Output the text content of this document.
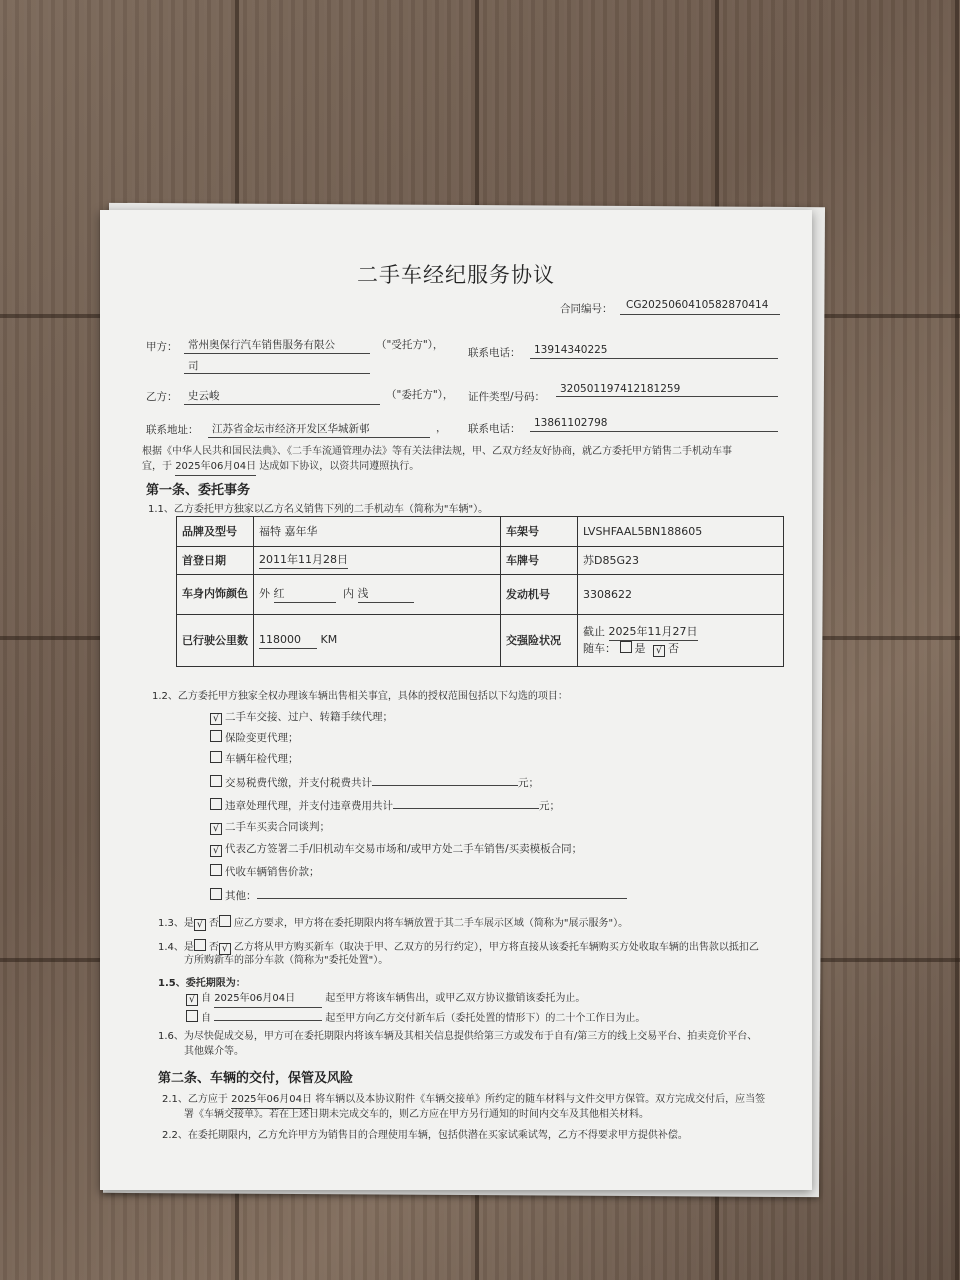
二手车经纪服务协议
合同编号： CG2025060410582870414
甲方： 常州奥保行汽车销售服务有限公
司
（"受托方"），
联系电话： 13914340225
乙方： 史云峻	（"委托方"）， 证件类型/号码：
320501197412181259
联系地址： 江苏省金坛市经济开发区华城新邨	， 联系电话： 13861102798
根据《中华人民共和国民法典》、《二手车流通管理办法》等有关法律法规，甲、乙双方经友好协商，就乙方委托甲方销售二手机动车事
宜，于 2025年06月04日 达成如下协议，以资共同遵照执行。
第一条、委托事务
1.1、乙方委托甲方独家以乙方名义销售下列的二手机动车（简称为"车辆"）。
品牌及型号	福特 嘉年华	车架号	LVSHFAAL5BN188605
首登日期	2011年11月28日	车牌号	苏D85G23
车身内饰颜色	外 红 内 浅	发动机号	3308622
已行驶公里数	118000 KM	交强险状况	截止 2025年11月27日
随车： 是 √ 否
1.2、乙方委托甲方独家全权办理该车辆出售相关事宜，具体的授权范围包括以下勾选的项目：
√ 二手车交接、过户、转籍手续代理；
保险变更代理；
车辆年检代理；
交易税费代缴，并支付税费共计	元；
违章处理代理，并支付违章费用共计	元；
√ 二手车买卖合同谈判；
√ 代表乙方签署二手/旧机动车交易市场和/或甲方处二手车销售/买卖模板合同；
代收车辆销售价款；
其他：
1.3、是 √ 否 应乙方要求，甲方将在委托期限内将车辆放置于其二手车展示区域（简称为"展示服务"）。
1.4、是 否 √ 乙方将从甲方购买新车（取决于甲、乙双方的另行约定），甲方将直接从该委托车辆购买方处收取车辆的出售款以抵扣乙
方所购新车的部分车款（简称为"委托处置"）。
1.5、委托期限为：
√ 自 2025年06月04日	起至甲方将该车辆售出，或甲乙双方协议撤销该委托为止。
自	起至甲方向乙方交付新车后（委托处置的情形下）的二十个工作日为止。
1.6、为尽快促成交易，甲方可在委托期限内将该车辆及其相关信息提供给第三方或发布于自有/第三方的线上交易平台、拍卖竞价平台、
其他媒介等。
第二条、车辆的交付，保管及风险
2.1、乙方应于 2025年06月04日 将车辆以及本协议附件《车辆交接单》所约定的随车材料与文件交甲方保管。双方完成交付后，应当签
署《车辆交接单》。若在上述日期未完成交车的，则乙方应在甲方另行通知的时间内交车及其他相关材料。
2.2、在委托期限内，乙方允许甲方为销售目的合理使用车辆，包括供潜在买家试乘试驾，乙方不得要求甲方提供补偿。
